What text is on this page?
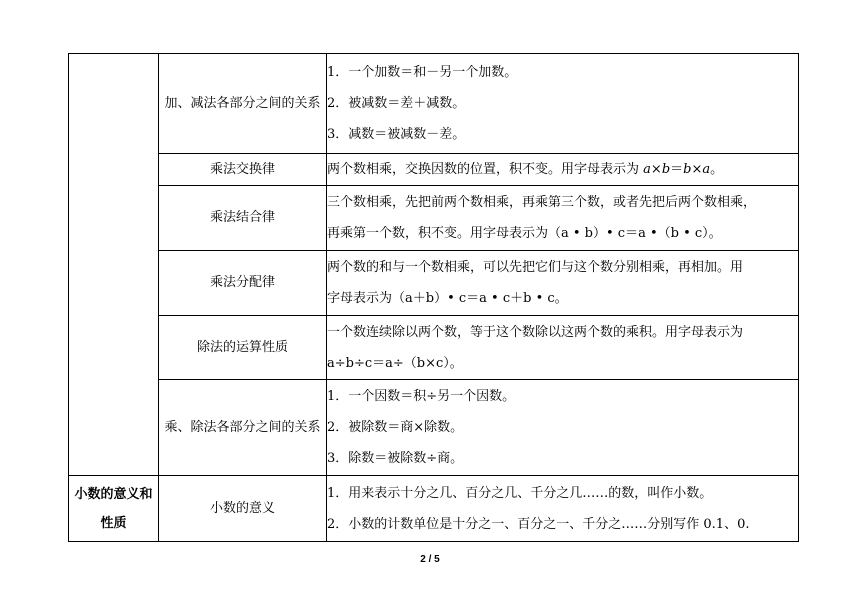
	加、减法各部分之间的关系	1．一个加数＝和－另一个加数。
2．被减数＝差＋减数。
3．减数＝被减数－差。

	乘法交换律	两个数相乘，交换因数的位置，积不变。用字母表示为 a×b＝b×a。

	乘法结合律	三个数相乘，先把前两个数相乘，再乘第三个数，或者先把后两个数相乘，
再乘第一个数，积不变。用字母表示为（a • b）• c＝a •（b • c）。

	乘法分配律	两个数的和与一个数相乘，可以先把它们与这个数分别相乘，再相加。用
字母表示为（a＋b）• c＝a • c＋b • c。

	除法的运算性质	一个数连续除以两个数，等于这个数除以这两个数的乘积。用字母表示为
a÷b÷c＝a÷（b×c）。

	乘、除法各部分之间的关系	1．一个因数＝积÷另一个因数。
2．被除数＝商×除数。
3．除数＝被除数÷商。

小数的意义和性质	小数的意义	1．用来表示十分之几、百分之几、千分之几……的数，叫作小数。
2．小数的计数单位是十分之一、百分之一、千分之……分别写作 0.1、0.
2 / 5
